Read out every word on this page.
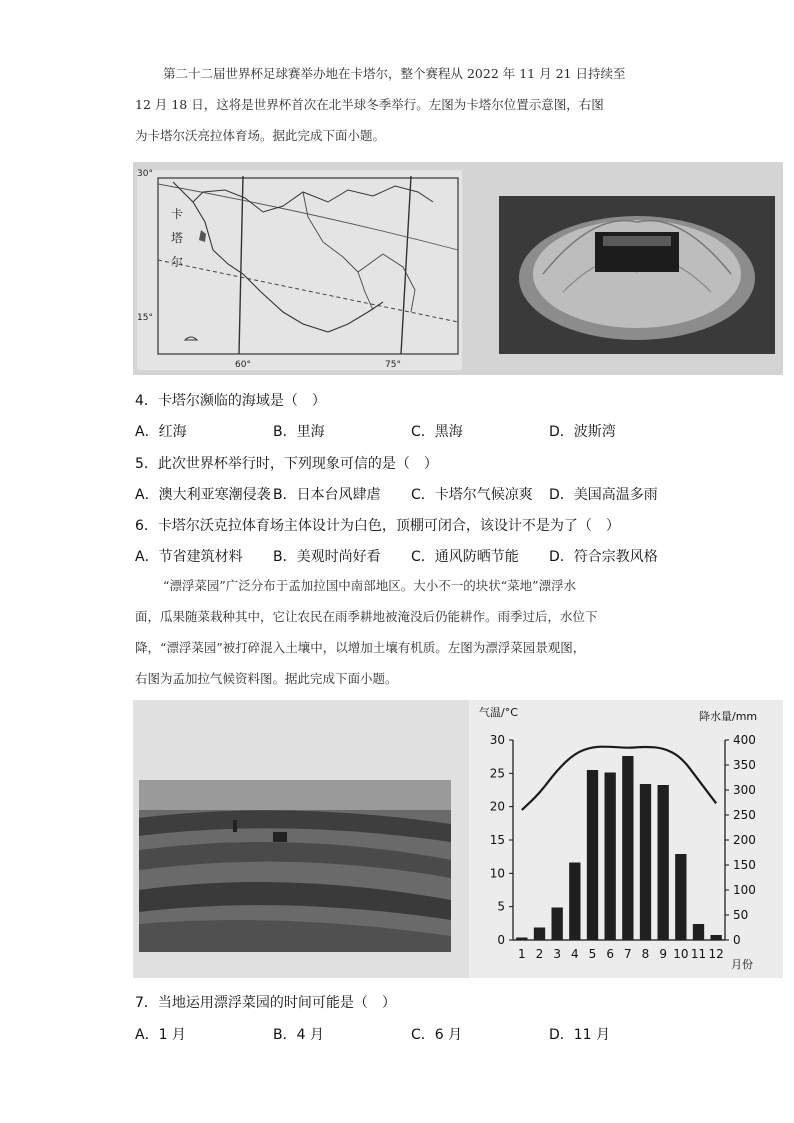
第二十二届世界杯足球赛举办地在卡塔尔，整个赛程从 2022 年 11 月 21 日持续至
12 月 18 日，这将是世界杯首次在北半球冬季举行。左图为卡塔尔位置示意图，右图
为卡塔尔沃亮拉体育场。据此完成下面小题。
30°
15°
60°	75°
卡
塔
尔
4．卡塔尔濒临的海域是（　）
A．红海	B．里海	C．黑海	D．波斯湾
5．此次世界杯举行时，下列现象可信的是（　）
A．澳大利亚寒潮侵袭 B．日本台风肆虐 C．卡塔尔气候凉爽 D．美国高温多雨
6．卡塔尔沃克拉体育场主体设计为白色，顶棚可闭合，该设计不是为了（　）
A．节省建筑材料 B．美观时尚好看 C．通风防晒节能 D．符合宗教风格
“漂浮菜园”广泛分布于孟加拉国中南部地区。大小不一的块状“菜地”漂浮水
面，瓜果随菜栽种其中，它让农民在雨季耕地被淹没后仍能耕作。雨季过后，水位下
降，“漂浮菜园”被打碎混入土壤中，以增加土壤有机质。左图为漂浮菜园景观图，
右图为孟加拉气候资料图。据此完成下面小题。
气温/°C	降水量/mm
月份
0
5
10
15
20
25
30
0
50
100
150
200
250
300
350
400
1 2 3 4 5 6 7 8 9 10 11 12
7．当地运用漂浮菜园的时间可能是（　）
A．1 月	B．4 月	C．6 月	D．11 月
